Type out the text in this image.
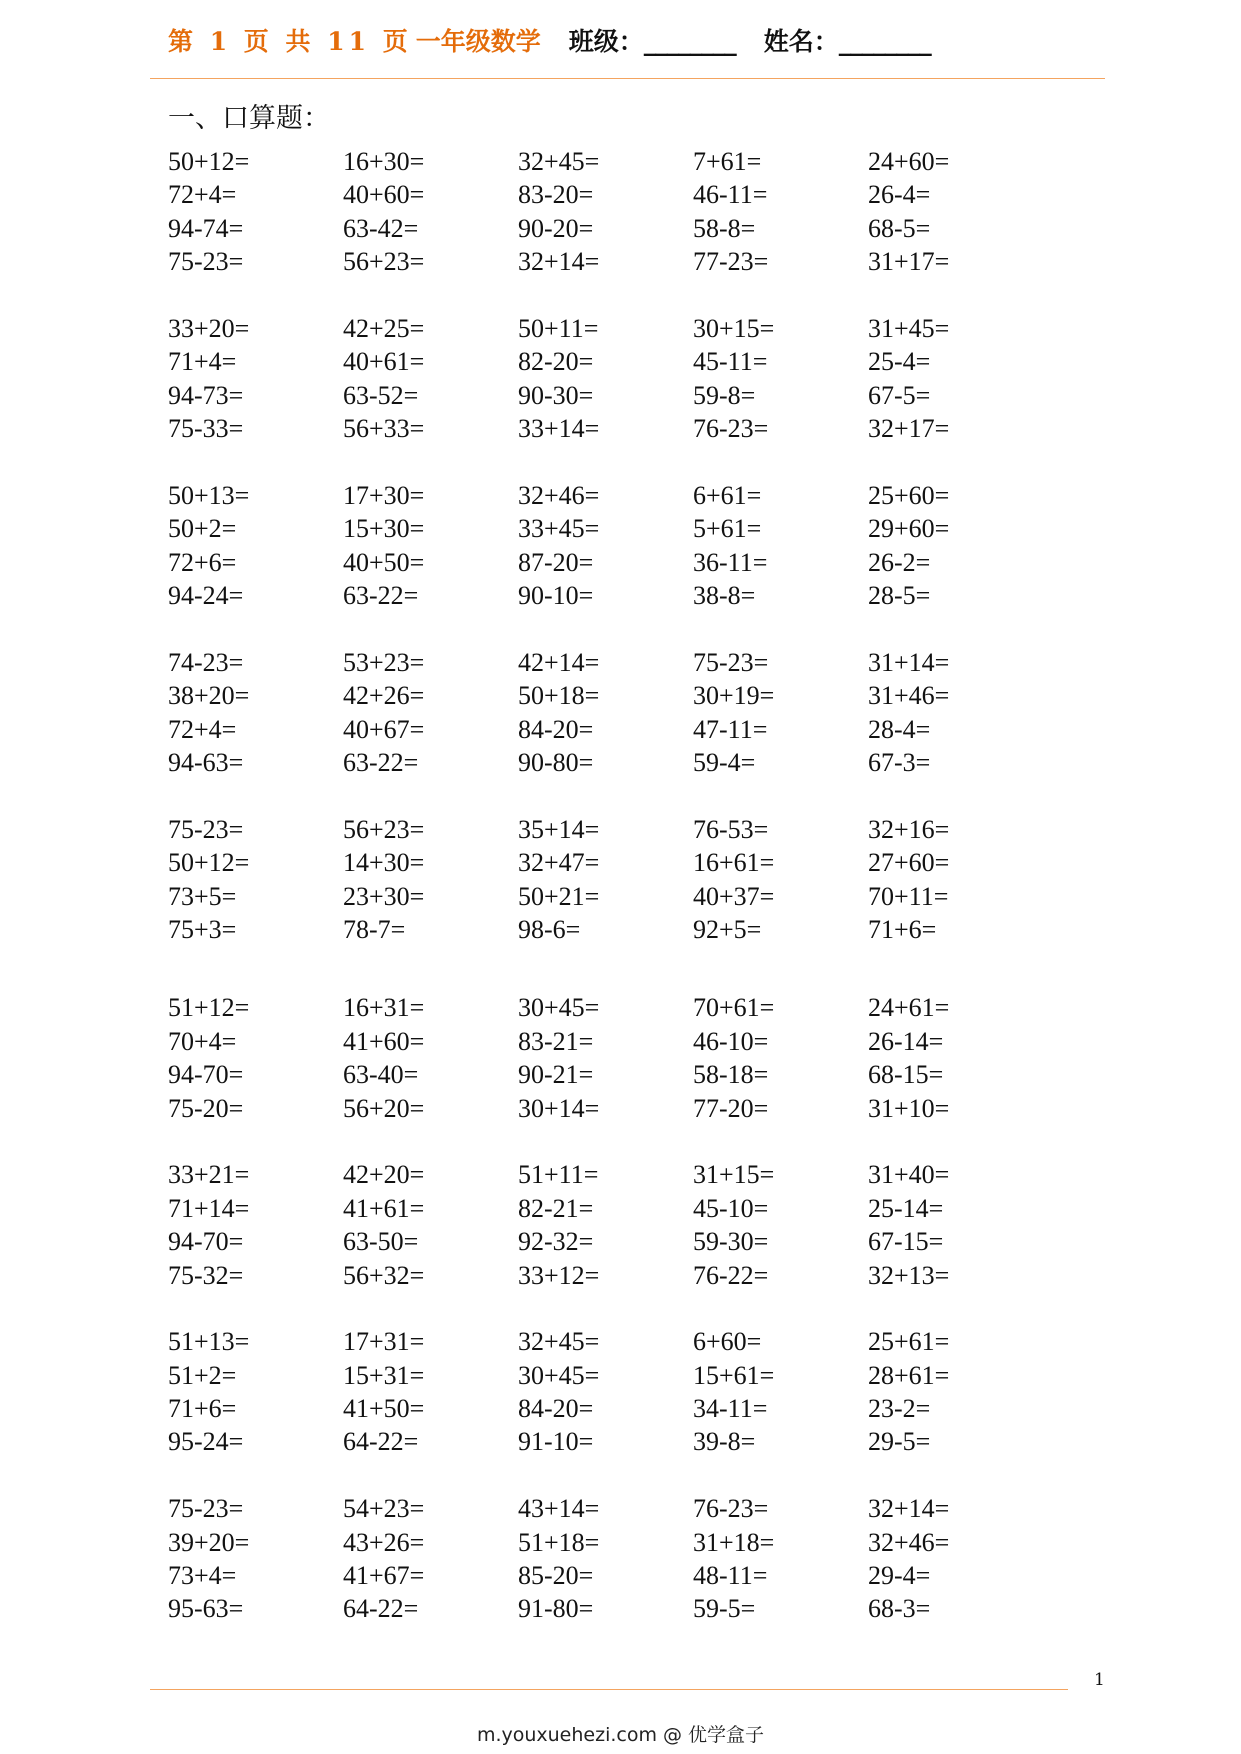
第 1 页 共 11 页 一年级数学 班级： ________ 姓名： ________
一、口算题：
50+12=	16+30=	32+45=	7+61=	24+60=
72+4=	40+60=	83-20=	46-11=	26-4=
94-74=	63-42=	90-20=	58-8=	68-5=
75-23=	56+23=	32+14=	77-23=	31+17=
33+20=	42+25=	50+11=	30+15=	31+45=
71+4=	40+61=	82-20=	45-11=	25-4=
94-73=	63-52=	90-30=	59-8=	67-5=
75-33=	56+33=	33+14=	76-23=	32+17=
50+13=	17+30=	32+46=	6+61=	25+60=
50+2=	15+30=	33+45=	5+61=	29+60=
72+6=	40+50=	87-20=	36-11=	26-2=
94-24=	63-22=	90-10=	38-8=	28-5=
74-23=	53+23=	42+14=	75-23=	31+14=
38+20=	42+26=	50+18=	30+19=	31+46=
72+4=	40+67=	84-20=	47-11=	28-4=
94-63=	63-22=	90-80=	59-4=	67-3=
75-23=	56+23=	35+14=	76-53=	32+16=
50+12=	14+30=	32+47=	16+61=	27+60=
73+5=	23+30=	50+21=	40+37=	70+11=
75+3=	78-7=	98-6=	92+5=	71+6=
51+12=	16+31=	30+45=	70+61=	24+61=
70+4=	41+60=	83-21=	46-10=	26-14=
94-70=	63-40=	90-21=	58-18=	68-15=
75-20=	56+20=	30+14=	77-20=	31+10=
33+21=	42+20=	51+11=	31+15=	31+40=
71+14=	41+61=	82-21=	45-10=	25-14=
94-70=	63-50=	92-32=	59-30=	67-15=
75-32=	56+32=	33+12=	76-22=	32+13=
51+13=	17+31=	32+45=	6+60=	25+61=
51+2=	15+31=	30+45=	15+61=	28+61=
71+6=	41+50=	84-20=	34-11=	23-2=
95-24=	64-22=	91-10=	39-8=	29-5=
75-23=	54+23=	43+14=	76-23=	32+14=
39+20=	43+26=	51+18=	31+18=	32+46=
73+4=	41+67=	85-20=	48-11=	29-4=
95-63=	64-22=	91-80=	59-5=	68-3=
1
m.youxuehezi.com @ 优学盒子
